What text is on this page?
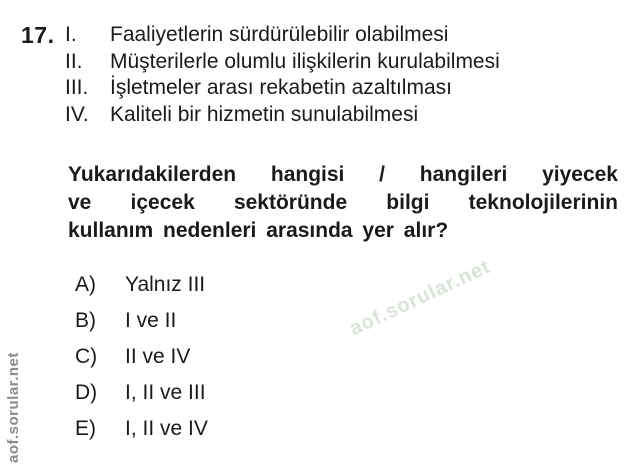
17. I.	Faaliyetlerin sürdürülebilir olabilmesi
II.	Müşterilerle olumlu ilişkilerin kurulabilmesi
III.	İşletmeler arası rekabetin azaltılması
IV.	Kaliteli bir hizmetin sunulabilmesi
Yukarıdakilerden hangisi / hangileri yiyecek
ve içecek sektöründe bilgi teknolojilerinin
kullanım nedenleri arasında yer alır?
A)	Yalnız III
B)	I ve II
C)	II ve IV
D)	I, II ve III
E)	I, II ve IV
aof.sorular.net
aof.sorular.net
